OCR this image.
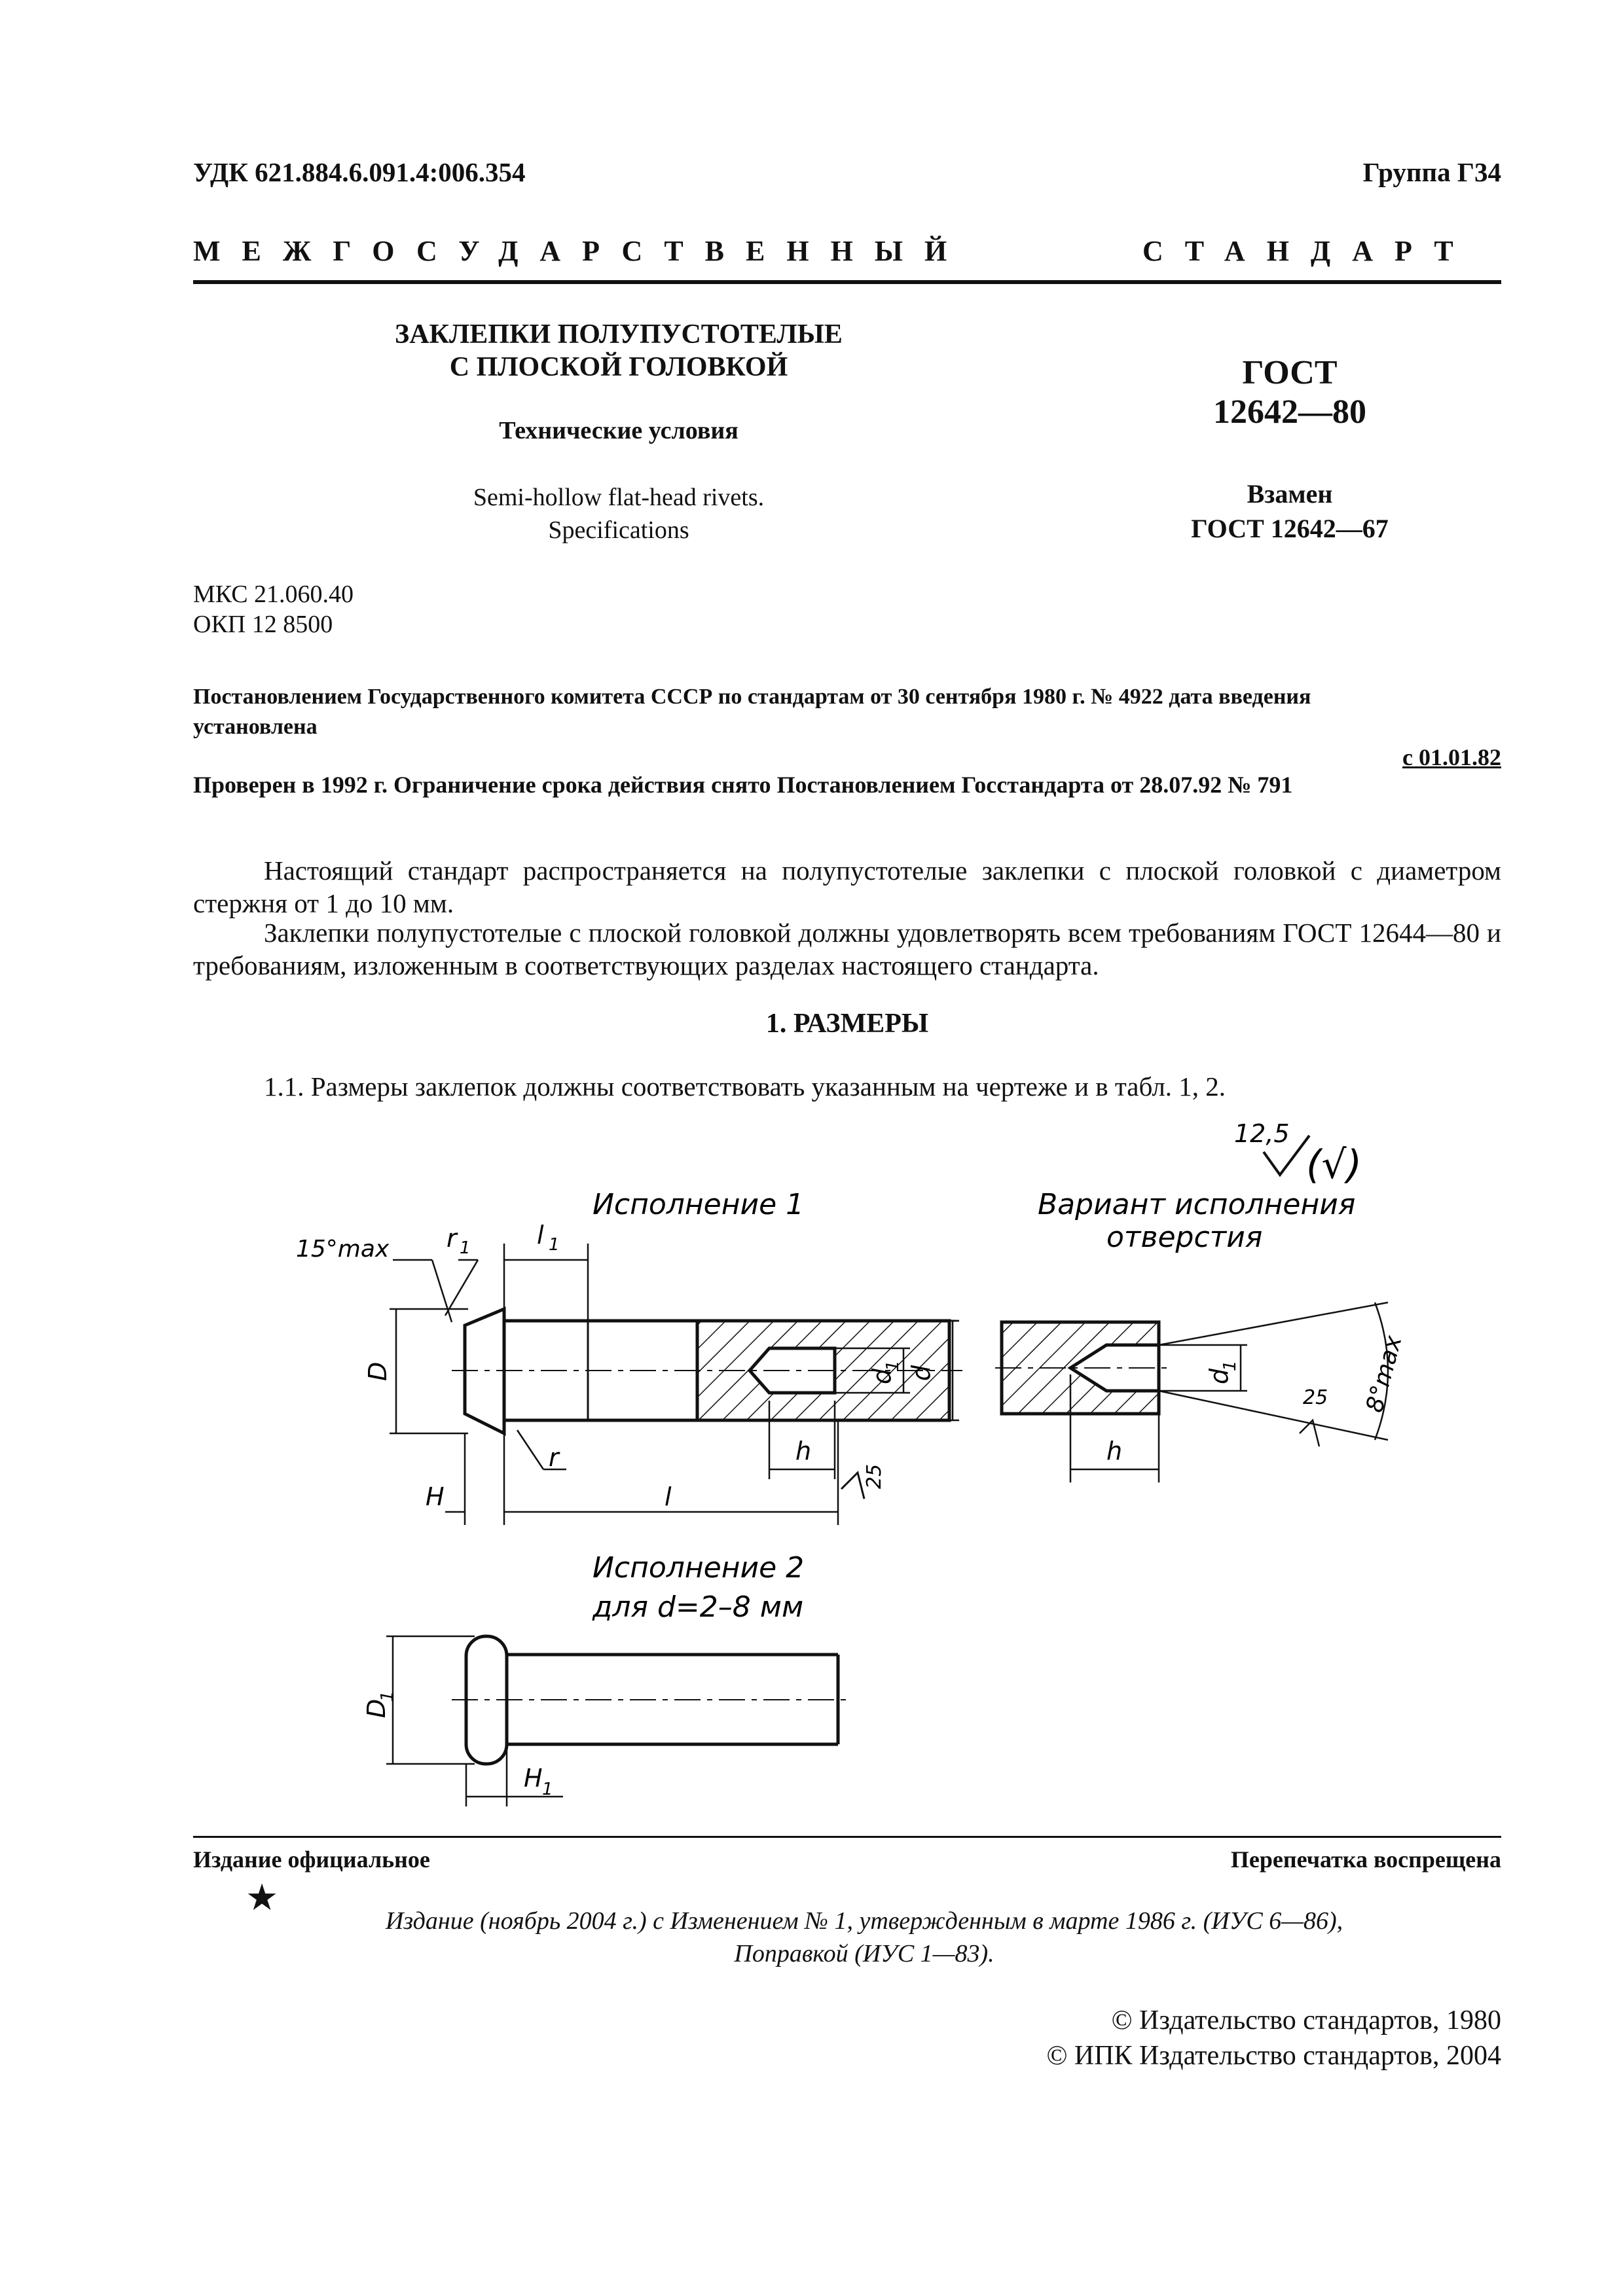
УДК 621.884.6.091.4:006.354	Группа Г34
МЕЖГОСУДАРСТВЕННЫЙ	СТАНДАРТ
ЗАКЛЕПКИ ПОЛУПУСТОТЕЛЫЕ
С ПЛОСКОЙ ГОЛОВКОЙ
Технические условия
Semi-hollow flat-head rivets.
Specifications
ГОСТ
12642—80
Взамен
ГОСТ 12642—67
МКС 21.060.40
ОКП 12 8500
Постановлением Государственного комитета СССР по стандартам от 30 сентября 1980 г. № 4922 дата введения
установлена
с 01.01.82
Проверен в 1992 г. Ограничение срока действия снято Постановлением Госстандарта от 28.07.92 № 791
Настоящий стандарт распространяется на полупустотелые заклепки с плоской головкой с диаметром стержня от 1 до 10 мм.
Заклепки полупустотелые с плоской головкой должны удовлетворять всем требованиям ГОСТ 12644—80 и требованиям, изложенным в соответствующих разделах настоящего стандарта.
1. РАЗМЕРЫ
1.1. Размеры заклепок должны соответствовать указанным на чертеже и в табл. 1, 2.
12,5
(√)
Исполнение 1	Вариант исполнения
отверстия
15°max r 1	l 1
D
r
d
1 d
h
H	l
25
d
1	8°max
25
h
Исполнение 2
для d=2–8 мм
D
1
H 1
Издание официальное	Перепечатка воспрещена
★
Издание (ноябрь 2004 г.) с Изменением № 1, утвержденным в марте 1986 г. (ИУС 6—86),
Поправкой (ИУС 1—83).
© Издательство стандартов, 1980
© ИПК Издательство стандартов, 2004
